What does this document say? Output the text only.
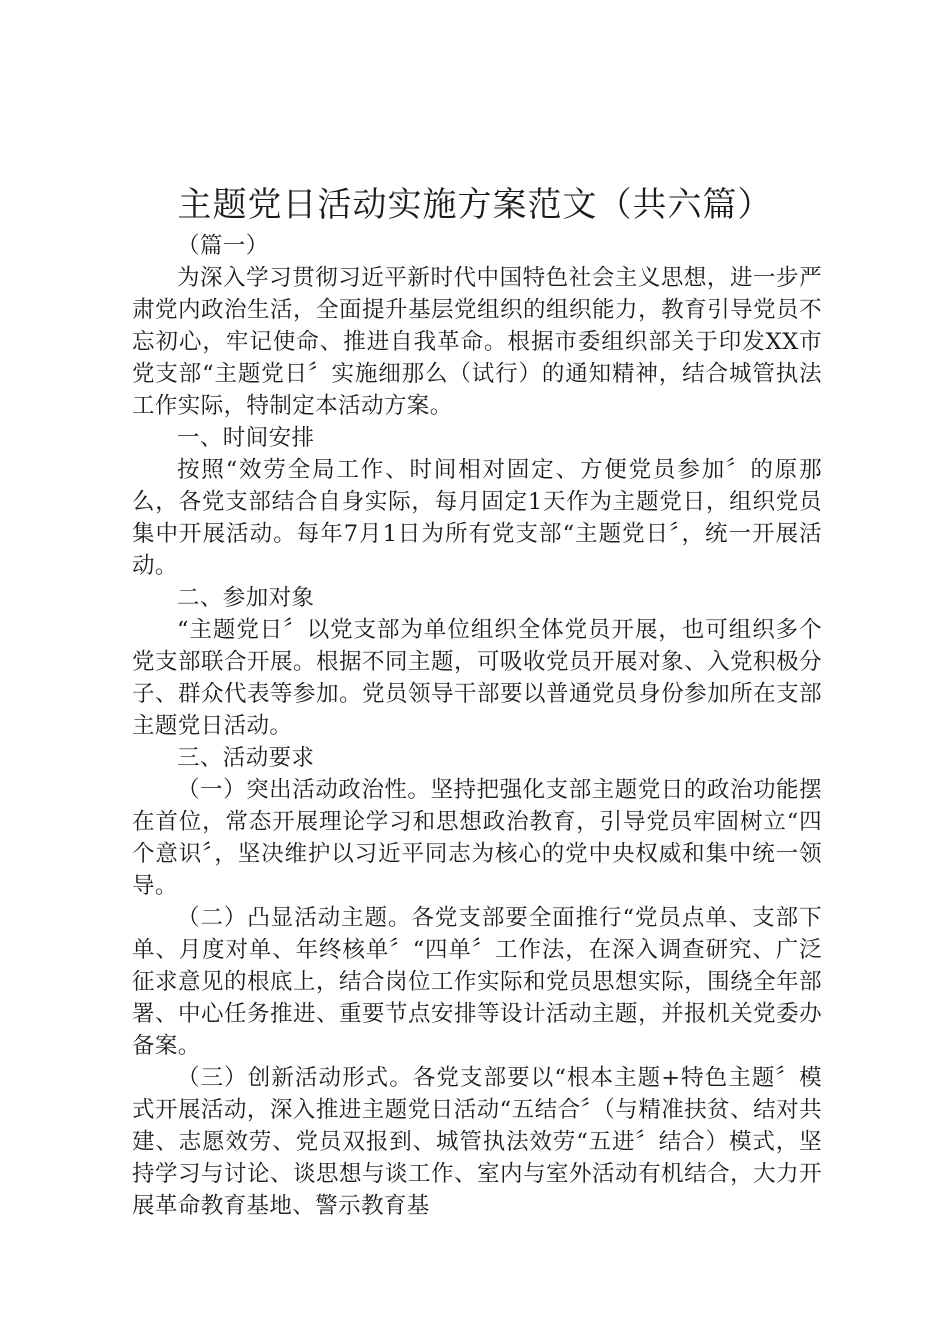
主题党日活动实施方案范文（共六篇）

（篇一）

为深入学习贯彻习近平新时代中国特色社会主义思想，进一步严肃党内政治生活，全面提升基层党组织的组织能力，教育引导党员不忘初心，牢记使命、推进自我革命。根据市委组织部关于印发XX市党支部“主题党日〞实施细那么（试行）的通知精神，结合城管执法工作实际，特制定本活动方案。

一、时间安排

按照“效劳全局工作、时间相对固定、方便党员参加〞的原那么，各党支部结合自身实际，每月固定1天作为主题党日，组织党员集中开展活动。每年7月1日为所有党支部“主题党日〞，统一开展活动。

二、参加对象

“主题党日〞以党支部为单位组织全体党员开展，也可组织多个党支部联合开展。根据不同主题，可吸收党员开展对象、入党积极分子、群众代表等参加。党员领导干部要以普通党员身份参加所在支部主题党日活动。

三、活动要求

（一）突出活动政治性。坚持把强化支部主题党日的政治功能摆在首位，常态开展理论学习和思想政治教育，引导党员牢固树立“四个意识〞，坚决维护以习近平同志为核心的党中央权威和集中统一领导。

（二）凸显活动主题。各党支部要全面推行“党员点单、支部下单、月度对单、年终核单〞“四单〞工作法，在深入调查研究、广泛征求意见的根底上，结合岗位工作实际和党员思想实际，围绕全年部署、中心任务推进、重要节点安排等设计活动主题，并报机关党委办备案。

（三）创新活动形式。各党支部要以“根本主题+特色主题〞模式开展活动，深入推进主题党日活动“五结合〞（与精准扶贫、结对共建、志愿效劳、党员双报到、城管执法效劳“五进〞结合）模式，坚持学习与讨论、谈思想与谈工作、室内与室外活动有机结合，大力开展革命教育基地、警示教育基
